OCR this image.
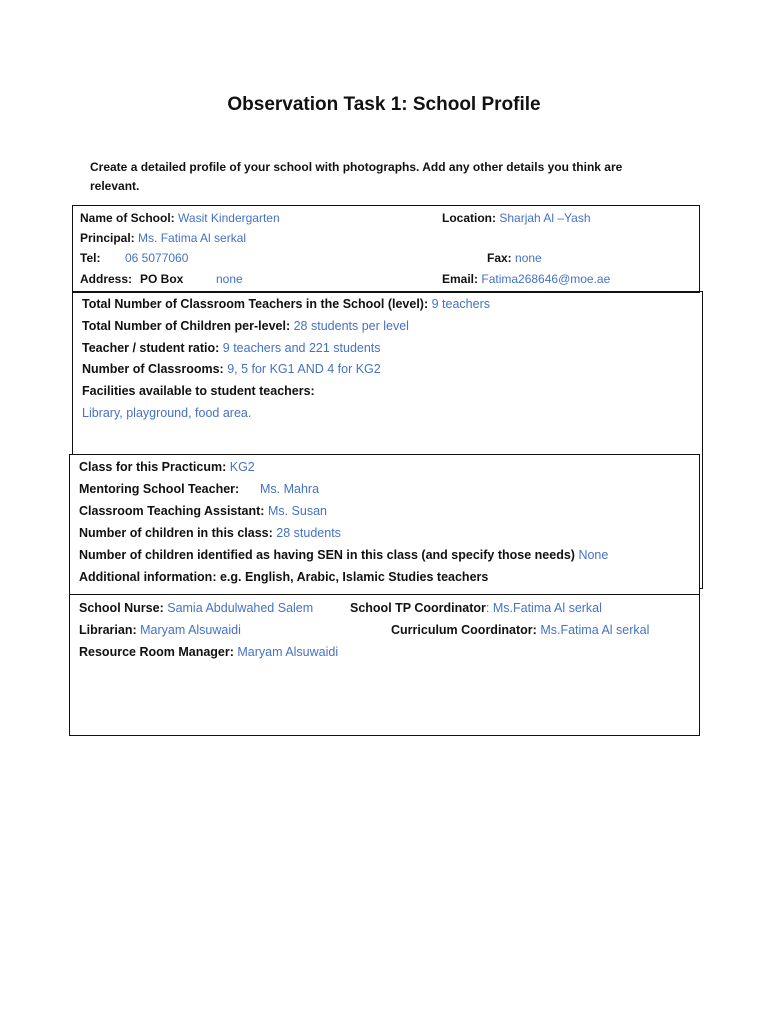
Observation Task 1: School Profile
Create a detailed profile of your school with photographs. Add any other details you think are relevant.
Name of School: Wasit Kindergarten	Location: Sharjah Al –Yash
Principal: Ms. Fatima Al serkal
Tel: 06 5077060	Fax: none
Address: PO Box	none	Email: Fatima268646@moe.ae
Total Number of Classroom Teachers in the School (level): 9 teachers
Total Number of Children per-level: 28 students per level
Teacher / student ratio: 9 teachers and 221 students
Number of Classrooms: 9, 5 for KG1 AND 4 for KG2
Facilities available to student teachers:
Library, playground, food area.
Class for this Practicum: KG2
Mentoring School Teacher: Ms. Mahra
Classroom Teaching Assistant: Ms. Susan
Number of children in this class: 28 students
Number of children identified as having SEN in this class (and specify those needs) None
Additional information: e.g. English, Arabic, Islamic Studies teachers
School Nurse: Samia Abdulwahed Salem	School TP Coordinator: Ms.Fatima Al serkal
Librarian: Maryam Alsuwaidi	Curriculum Coordinator: Ms.Fatima Al serkal
Resource Room Manager: Maryam Alsuwaidi
